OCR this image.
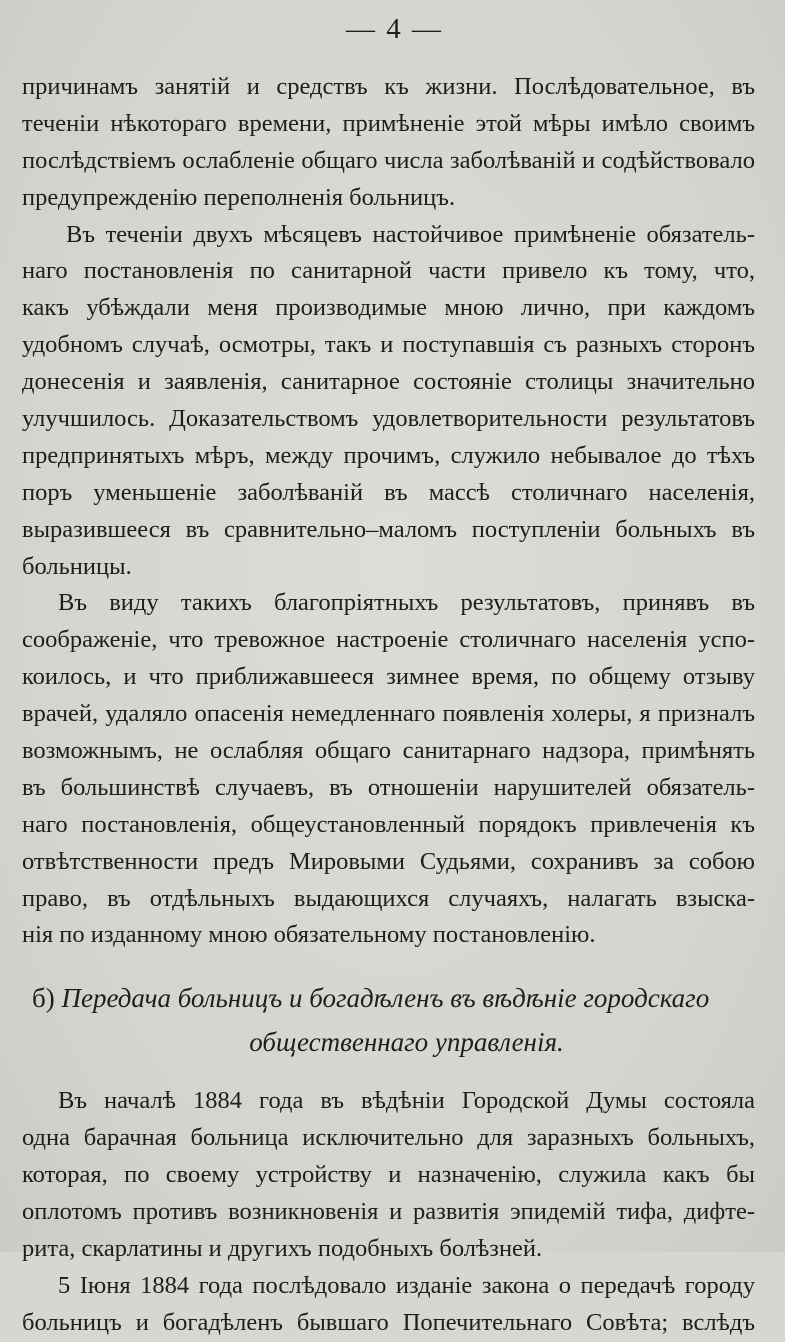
— 4 —
причинамъ занятій и средствъ къ жизни. Послѣдовательное, въ
теченіи нѣкотораго времени, примѣненіе этой мѣры имѣло своимъ
послѣдствіемъ ослабленіе общаго числа заболѣваній и содѣйствовало
предупрежденію переполненія больницъ.
Въ теченіи двухъ мѣсяцевъ настойчивое примѣненіе обязатель-
наго постановленія по санитарной части привело къ тому, что,
какъ убѣждали меня производимые мною лично, при каждомъ
удобномъ случаѣ, осмотры, такъ и поступавшія съ разныхъ сторонъ
донесенія и заявленія, санитарное состояніе столицы значительно
улучшилось. Доказательствомъ удовлетворительности результатовъ
предпринятыхъ мѣръ, между прочимъ, служило небывалое до тѣхъ
поръ уменьшеніе заболѣваній въ массѣ столичнаго населенія,
выразившееся въ сравнительно–маломъ поступленіи больныхъ въ
больницы.
Въ виду такихъ благопріятныхъ результатовъ, принявъ въ
соображеніе, что тревожное настроеніе столичнаго населенія успо-
коилось, и что приближавшееся зимнее время, по общему отзыву
врачей, удаляло опасенія немедленнаго появленія холеры, я призналъ
возможнымъ, не ослабляя общаго санитарнаго надзора, примѣнять
въ большинствѣ случаевъ, въ отношеніи нарушителей обязатель-
наго постановленія, общеустановленный порядокъ привлеченія къ
отвѣтственности предъ Мировыми Судьями, сохранивъ за собою
право, въ отдѣльныхъ выдающихся случаяхъ, налагать взыска-
нія по изданному мною обязательному постановленію.
б) Передача больницъ и богадѣленъ въ вѣдѣніе городскаго
общественнаго управленія.
Въ началѣ 1884 года въ вѣдѣніи Городской Думы состояла
одна барачная больница исключительно для заразныхъ больныхъ,
которая, по своему устройству и назначенію, служила какъ бы
оплотомъ противъ возникновенія и развитія эпидемій тифа, дифте-
рита, скарлатины и другихъ подобныхъ болѣзней.
5 Іюня 1884 года послѣдовало изданіе закона о передачѣ городу
больницъ и богадѣленъ бывшаго Попечительнаго Совѣта; вслѣдъ
